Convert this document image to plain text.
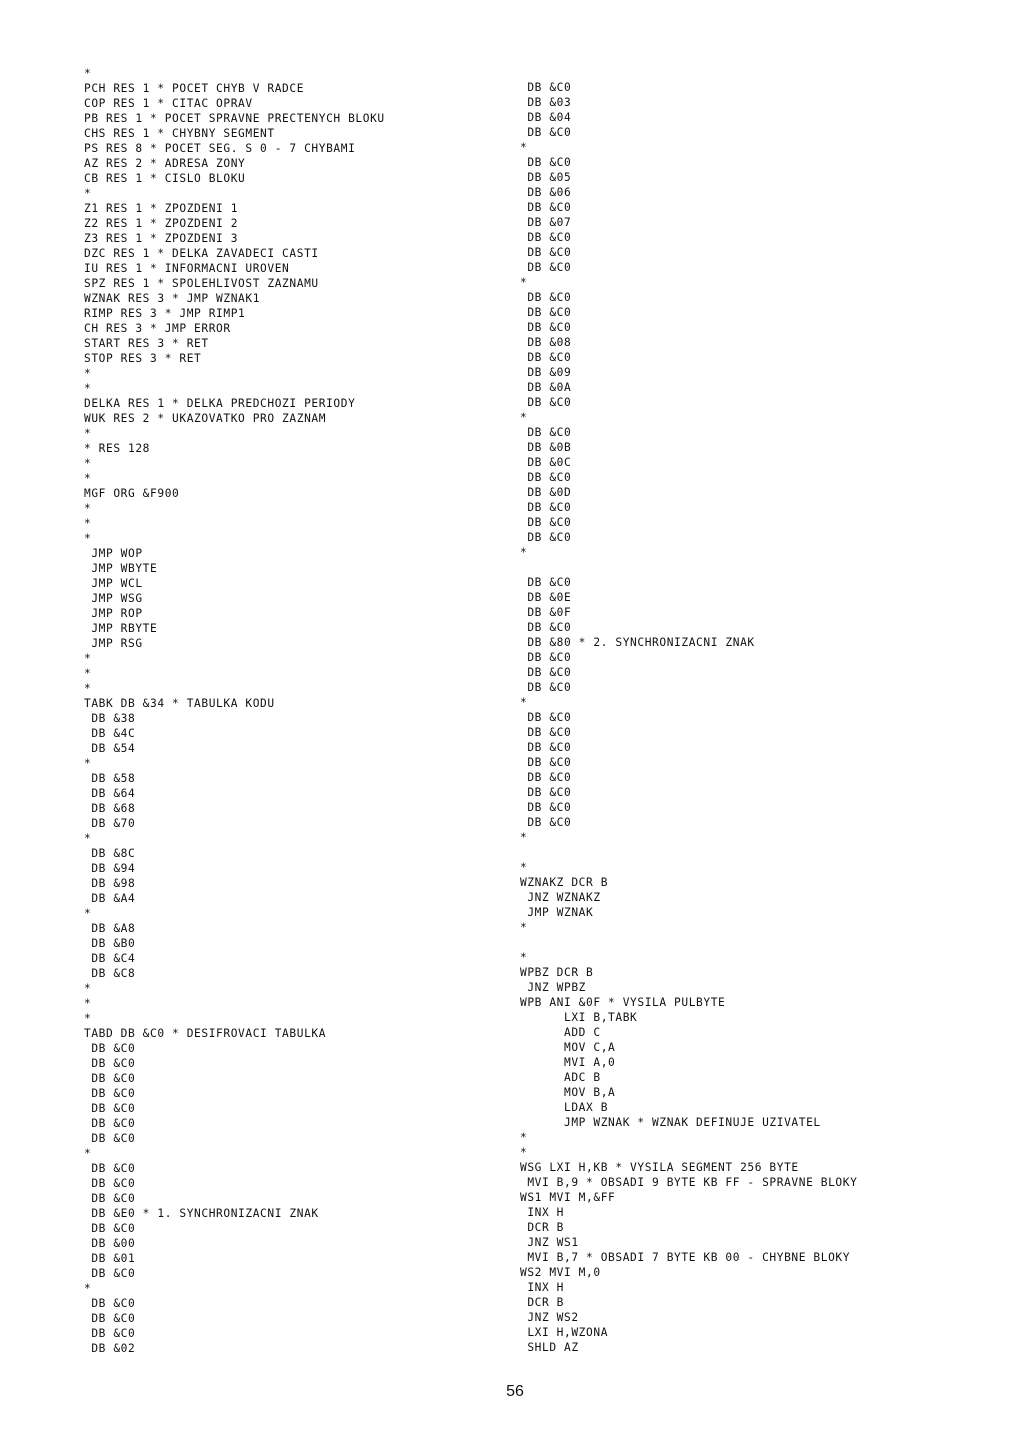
*
PCH RES 1 * POCET CHYB V RADCE
COP RES 1 * CITAC OPRAV
PB RES 1 * POCET SPRAVNE PRECTENYCH BLOKU
CHS RES 1 * CHYBNY SEGMENT
PS RES 8 * POCET SEG. S 0 - 7 CHYBAMI
AZ RES 2 * ADRESA ZONY
CB RES 1 * CISLO BLOKU
*
Z1 RES 1 * ZPOZDENI 1
Z2 RES 1 * ZPOZDENI 2
Z3 RES 1 * ZPOZDENI 3
DZC RES 1 * DELKA ZAVADECI CASTI
IU RES 1 * INFORMACNI UROVEN
SPZ RES 1 * SPOLEHLIVOST ZAZNAMU
WZNAK RES 3 * JMP WZNAK1
RIMP RES 3 * JMP RIMP1
CH RES 3 * JMP ERROR
START RES 3 * RET
STOP RES 3 * RET
*
*
DELKA RES 1 * DELKA PREDCHOZI PERIODY
WUK RES 2 * UKAZOVATKO PRO ZAZNAM
*
* RES 128
*
*
MGF ORG &F900
*
*
*
JMP WOP
JMP WBYTE
JMP WCL
JMP WSG
JMP ROP
JMP RBYTE
JMP RSG
*
*
*
TABK DB &34 * TABULKA KODU
DB &38
DB &4C
DB &54
*
DB &58
DB &64
DB &68
DB &70
*
DB &8C
DB &94
DB &98
DB &A4
*
DB &A8
DB &B0
DB &C4
DB &C8
*
*
*
TABD DB &C0 * DESIFROVACI TABULKA
DB &C0
DB &C0
DB &C0
DB &C0
DB &C0
DB &C0
DB &C0
*
DB &C0
DB &C0
DB &C0
DB &E0 * 1. SYNCHRONIZACNI ZNAK
DB &C0
DB &00
DB &01
DB &C0
*
DB &C0
DB &C0
DB &C0
DB &02
DB &C0
DB &03
DB &04
DB &C0
*
DB &C0
DB &05
DB &06
DB &C0
DB &07
DB &C0
DB &C0
DB &C0
*
DB &C0
DB &C0
DB &C0
DB &08
DB &C0
DB &09
DB &0A
DB &C0
*
DB &C0
DB &0B
DB &0C
DB &C0
DB &0D
DB &C0
DB &C0
DB &C0
*
DB &C0
DB &0E
DB &0F
DB &C0
DB &80 * 2. SYNCHRONIZACNI ZNAK
DB &C0
DB &C0
DB &C0
*
DB &C0
DB &C0
DB &C0
DB &C0
DB &C0
DB &C0
DB &C0
DB &C0
*
*
WZNAKZ DCR B
JNZ WZNAKZ
JMP WZNAK
*
*
WPBZ DCR B
JNZ WPBZ
WPB ANI &0F * VYSILA PULBYTE
LXI B,TABK
ADD C
MOV C,A
MVI A,0
ADC B
MOV B,A
LDAX B
JMP WZNAK * WZNAK DEFINUJE UZIVATEL
*
*
WSG LXI H,KB * VYSILA SEGMENT 256 BYTE
MVI B,9 * OBSADI 9 BYTE KB FF - SPRAVNE BLOKY
WS1 MVI M,&FF
INX H
DCR B
JNZ WS1
MVI B,7 * OBSADI 7 BYTE KB 00 - CHYBNE BLOKY
WS2 MVI M,0
INX H
DCR B
JNZ WS2
LXI H,WZONA
SHLD AZ
56
